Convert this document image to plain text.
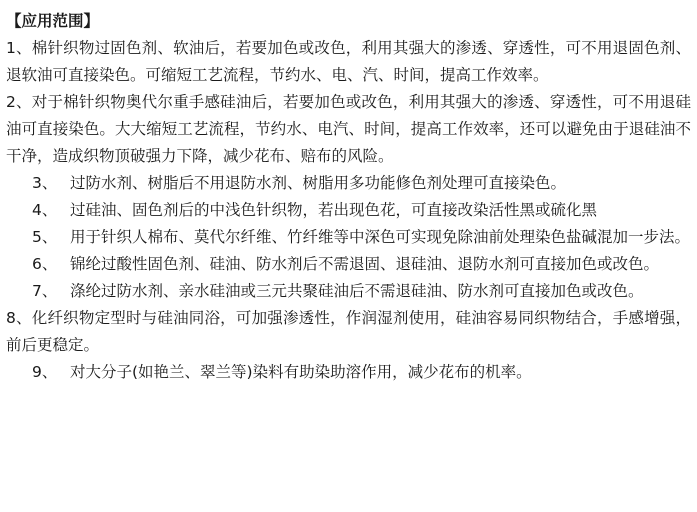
【应用范围】

1、棉针织物过固色剂、软油后，若要加色或改色，利用其强大的渗透、穿透性，可不用退固色剂、退软油可直接染色。可缩短工艺流程，节约水、电、汽、时间，提高工作效率。

2、对于棉针织物奥代尔重手感硅油后，若要加色或改色，利用其强大的渗透、穿透性，可不用退硅油可直接染色。大大缩短工艺流程，节约水、电汽、时间，提高工作效率，还可以避免由于退硅油不干净，造成织物顶破强力下降，减少花布、赔布的风险。

3、 过防水剂、树脂后不用退防水剂、树脂用多功能修色剂处理可直接染色。

4、 过硅油、固色剂后的中浅色针织物，若出现色花，可直接改染活性黑或硫化黑

5、 用于针织人棉布、莫代尔纤维、竹纤维等中深色可实现免除油前处理染色盐碱混加一步法。

6、 锦纶过酸性固色剂、硅油、防水剂后不需退固、退硅油、退防水剂可直接加色或改色。

7、 涤纶过防水剂、亲水硅油或三元共聚硅油后不需退硅油、防水剂可直接加色或改色。

8、化纤织物定型时与硅油同浴，可加强渗透性，作润湿剂使用，硅油容易同织物结合，手感增强，前后更稳定。

9、 对大分子(如艳兰、翠兰等)染料有助染助溶作用，减少花布的机率。
